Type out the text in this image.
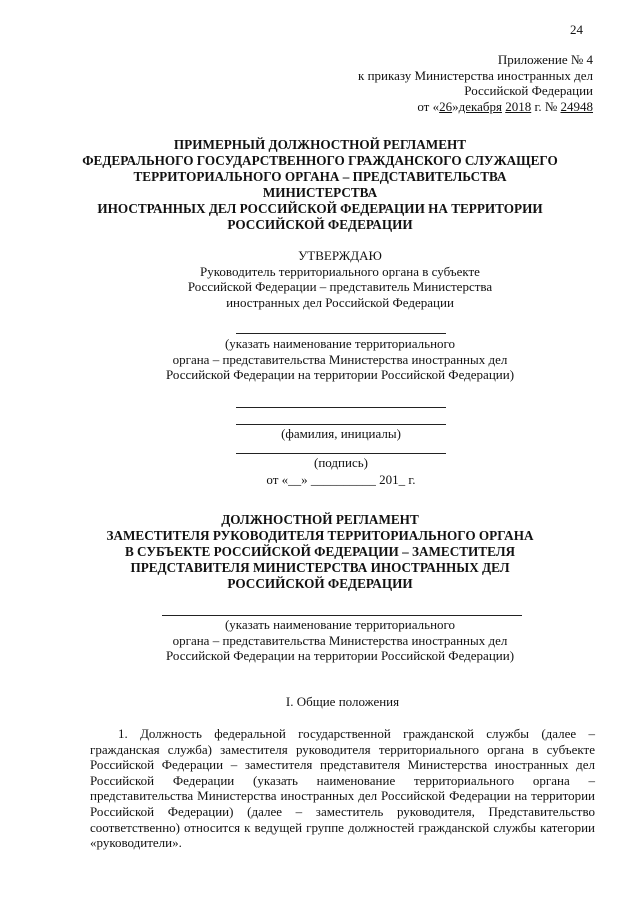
24
Приложение № 4
к приказу Министерства иностранных дел
Российской Федерации
от «26»декабря 2018 г. № 24948
ПРИМЕРНЫЙ ДОЛЖНОСТНОЙ РЕГЛАМЕНТ
ФЕДЕРАЛЬНОГО ГОСУДАРСТВЕННОГО ГРАЖДАНСКОГО СЛУЖАЩЕГО
ТЕРРИТОРИАЛЬНОГО ОРГАНА – ПРЕДСТАВИТЕЛЬСТВА МИНИСТЕРСТВА
ИНОСТРАННЫХ ДЕЛ РОССИЙСКОЙ ФЕДЕРАЦИИ НА ТЕРРИТОРИИ
РОССИЙСКОЙ ФЕДЕРАЦИИ
УТВЕРЖДАЮ
Руководитель территориального органа в субъекте
Российской Федерации – представитель Министерства
иностранных дел Российской Федерации
(указать наименование территориального
органа – представительства Министерства иностранных дел
Российской Федерации на территории Российской Федерации)
(фамилия, инициалы)
(подпись)
от «__» __________ 201_ г.
ДОЛЖНОСТНОЙ РЕГЛАМЕНТ
ЗАМЕСТИТЕЛЯ РУКОВОДИТЕЛЯ ТЕРРИТОРИАЛЬНОГО ОРГАНА
В СУБЪЕКТЕ РОССИЙСКОЙ ФЕДЕРАЦИИ – ЗАМЕСТИТЕЛЯ
ПРЕДСТАВИТЕЛЯ МИНИСТЕРСТВА ИНОСТРАННЫХ ДЕЛ
РОССИЙСКОЙ ФЕДЕРАЦИИ
(указать наименование территориального
органа – представительства Министерства иностранных дел
Российской Федерации на территории Российской Федерации)
I. Общие положения
1. Должность федеральной государственной гражданской службы (далее – гражданская служба) заместителя руководителя территориального органа в субъекте Российской Федерации – заместителя представителя Министерства иностранных дел Российской Федерации (указать наименование территориального органа – представительства Министерства иностранных дел Российской Федерации на территории Российской Федерации) (далее – заместитель руководителя, Представительство соответственно) относится к ведущей группе должностей гражданской службы категории «руководители».
